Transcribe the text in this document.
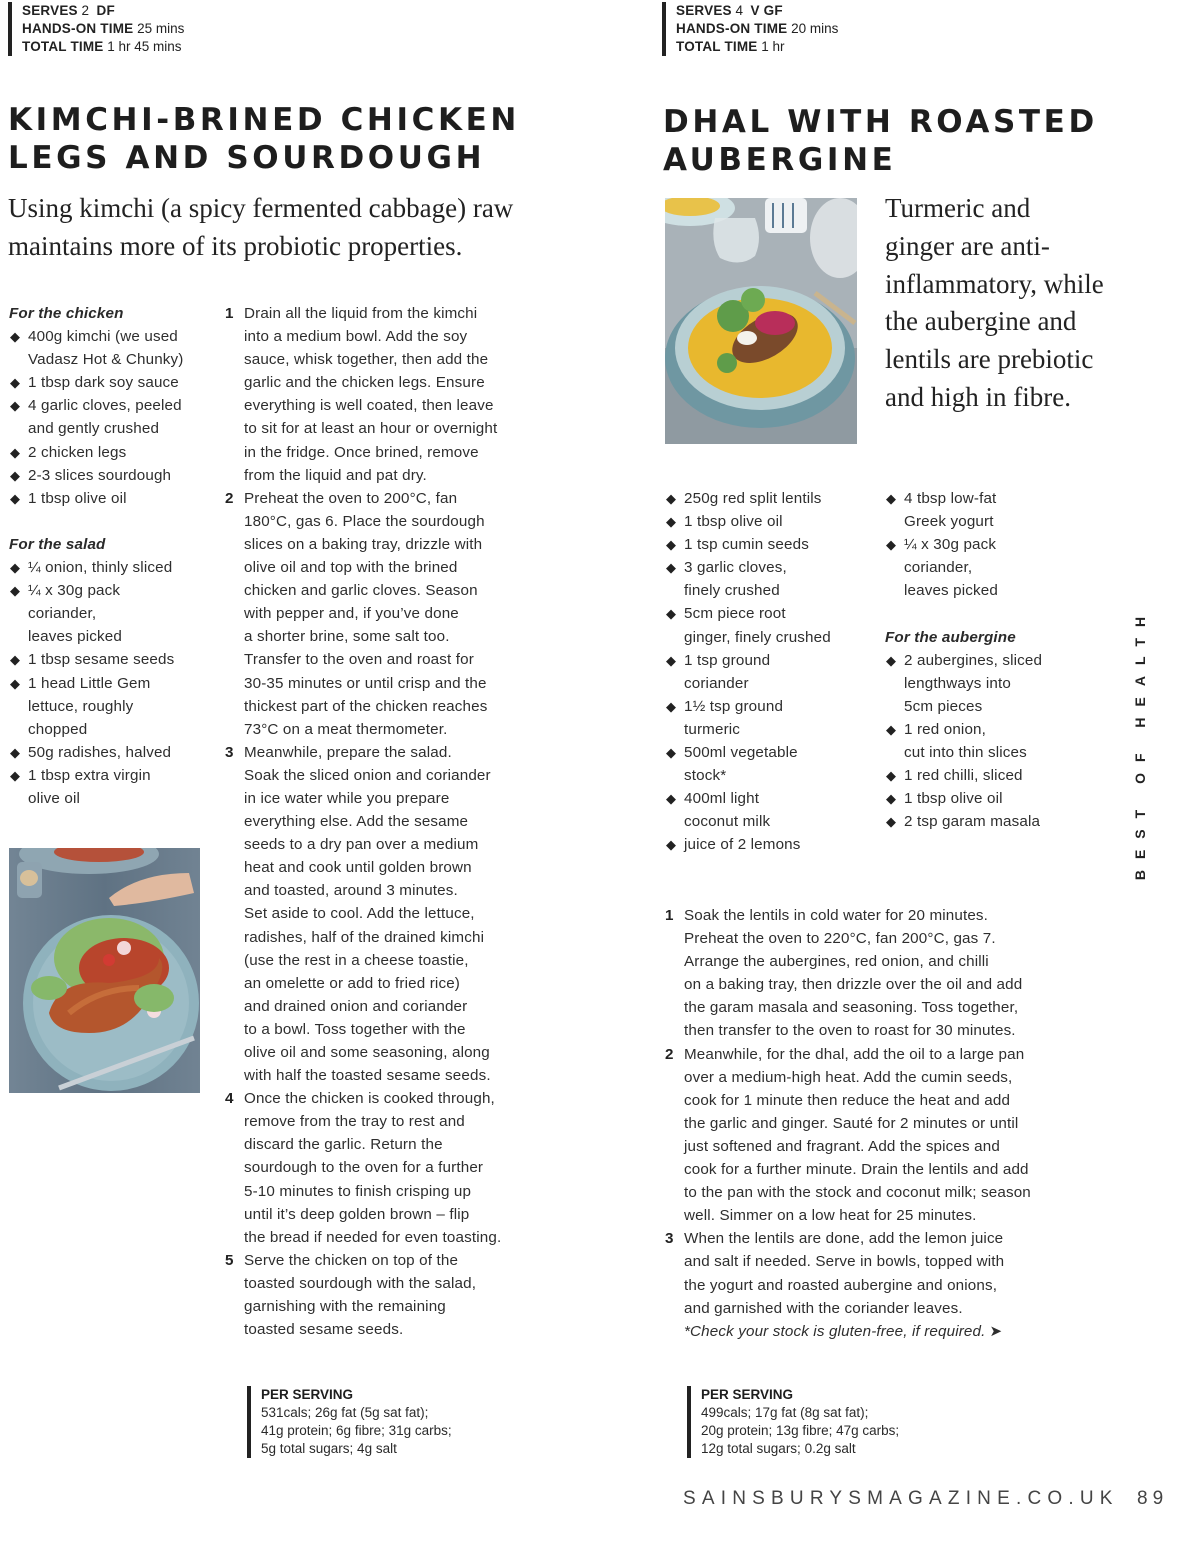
SERVES 2 DF
HANDS-ON TIME 25 mins
TOTAL TIME 1 hr 45 mins
KIMCHI-BRINED CHICKEN
LEGS AND SOURDOUGH
Using kimchi (a spicy fermented cabbage) raw
maintains more of its probiotic properties.
For the chicken
◆ 400g kimchi (we used
Vadasz Hot & Chunky)
◆ 1 tbsp dark soy sauce
◆ 4 garlic cloves, peeled
and gently crushed
◆ 2 chicken legs
◆ 2-3 slices sourdough
◆ 1 tbsp olive oil
For the salad
◆ ¼ onion, thinly sliced
◆ ¼ x 30g pack
coriander,
leaves picked
◆ 1 tbsp sesame seeds
◆ 1 head Little Gem
lettuce, roughly
chopped
◆ 50g radishes, halved
◆ 1 tbsp extra virgin
olive oil
1 Drain all the liquid from the kimchi
into a medium bowl. Add the soy
sauce, whisk together, then add the
garlic and the chicken legs. Ensure
everything is well coated, then leave
to sit for at least an hour or overnight
in the fridge. Once brined, remove
from the liquid and pat dry.
2 Preheat the oven to 200°C, fan
180°C, gas 6. Place the sourdough
slices on a baking tray, drizzle with
olive oil and top with the brined
chicken and garlic cloves. Season
with pepper and, if you’ve done
a shorter brine, some salt too.
Transfer to the oven and roast for
30-35 minutes or until crisp and the
thickest part of the chicken reaches
73°C on a meat thermometer.
3 Meanwhile, prepare the salad.
Soak the sliced onion and coriander
in ice water while you prepare
everything else. Add the sesame
seeds to a dry pan over a medium
heat and cook until golden brown
and toasted, around 3 minutes.
Set aside to cool. Add the lettuce,
radishes, half of the drained kimchi
(use the rest in a cheese toastie,
an omelette or add to fried rice)
and drained onion and coriander
to a bowl. Toss together with the
olive oil and some seasoning, along
with half the toasted sesame seeds.
4 Once the chicken is cooked through,
remove from the tray to rest and
discard the garlic. Return the
sourdough to the oven for a further
5-10 minutes to finish crisping up
until it’s deep golden brown – flip
the bread if needed for even toasting.
5 Serve the chicken on top of the
toasted sourdough with the salad,
garnishing with the remaining
toasted sesame seeds.
PER SERVING
531cals; 26g fat (5g sat fat);
41g protein; 6g fibre; 31g carbs;
5g total sugars; 4g salt
SERVES 4 V GF
HANDS-ON TIME 20 mins
TOTAL TIME 1 hr
DHAL WITH ROASTED
AUBERGINE
Turmeric and
ginger are anti-
inflammatory, while
the aubergine and
lentils are prebiotic
and high in fibre.
◆ 250g red split lentils
◆ 1 tbsp olive oil
◆ 1 tsp cumin seeds
◆ 3 garlic cloves,
finely crushed
◆ 5cm piece root
ginger, finely crushed
◆ 1 tsp ground
coriander
◆ 1½ tsp ground
turmeric
◆ 500ml vegetable
stock*
◆ 400ml light
coconut milk
◆ juice of 2 lemons
◆ 4 tbsp low-fat
Greek yogurt
◆ ¼ x 30g pack
coriander,
leaves picked
For the aubergine
◆ 2 aubergines, sliced
lengthways into
5cm pieces
◆ 1 red onion,
cut into thin slices
◆ 1 red chilli, sliced
◆ 1 tbsp olive oil
◆ 2 tsp garam masala
1 Soak the lentils in cold water for 20 minutes.
Preheat the oven to 220°C, fan 200°C, gas 7.
Arrange the aubergines, red onion, and chilli
on a baking tray, then drizzle over the oil and add
the garam masala and seasoning. Toss together,
then transfer to the oven to roast for 30 minutes.
2 Meanwhile, for the dhal, add the oil to a large pan
over a medium-high heat. Add the cumin seeds,
cook for 1 minute then reduce the heat and add
the garlic and ginger. Sauté for 2 minutes or until
just softened and fragrant. Add the spices and
cook for a further minute. Drain the lentils and add
to the pan with the stock and coconut milk; season
well. Simmer on a low heat for 25 minutes.
3 When the lentils are done, add the lemon juice
and salt if needed. Serve in bowls, topped with
the yogurt and roasted aubergine and onions,
and garnished with the coriander leaves.
*Check your stock is gluten-free, if required. ➤
PER SERVING
499cals; 17g fat (8g sat fat);
20g protein; 13g fibre; 47g carbs;
12g total sugars; 0.2g salt
BEST OF HEALTH
SAINSBURYSMAGAZINE.CO.UK 89
